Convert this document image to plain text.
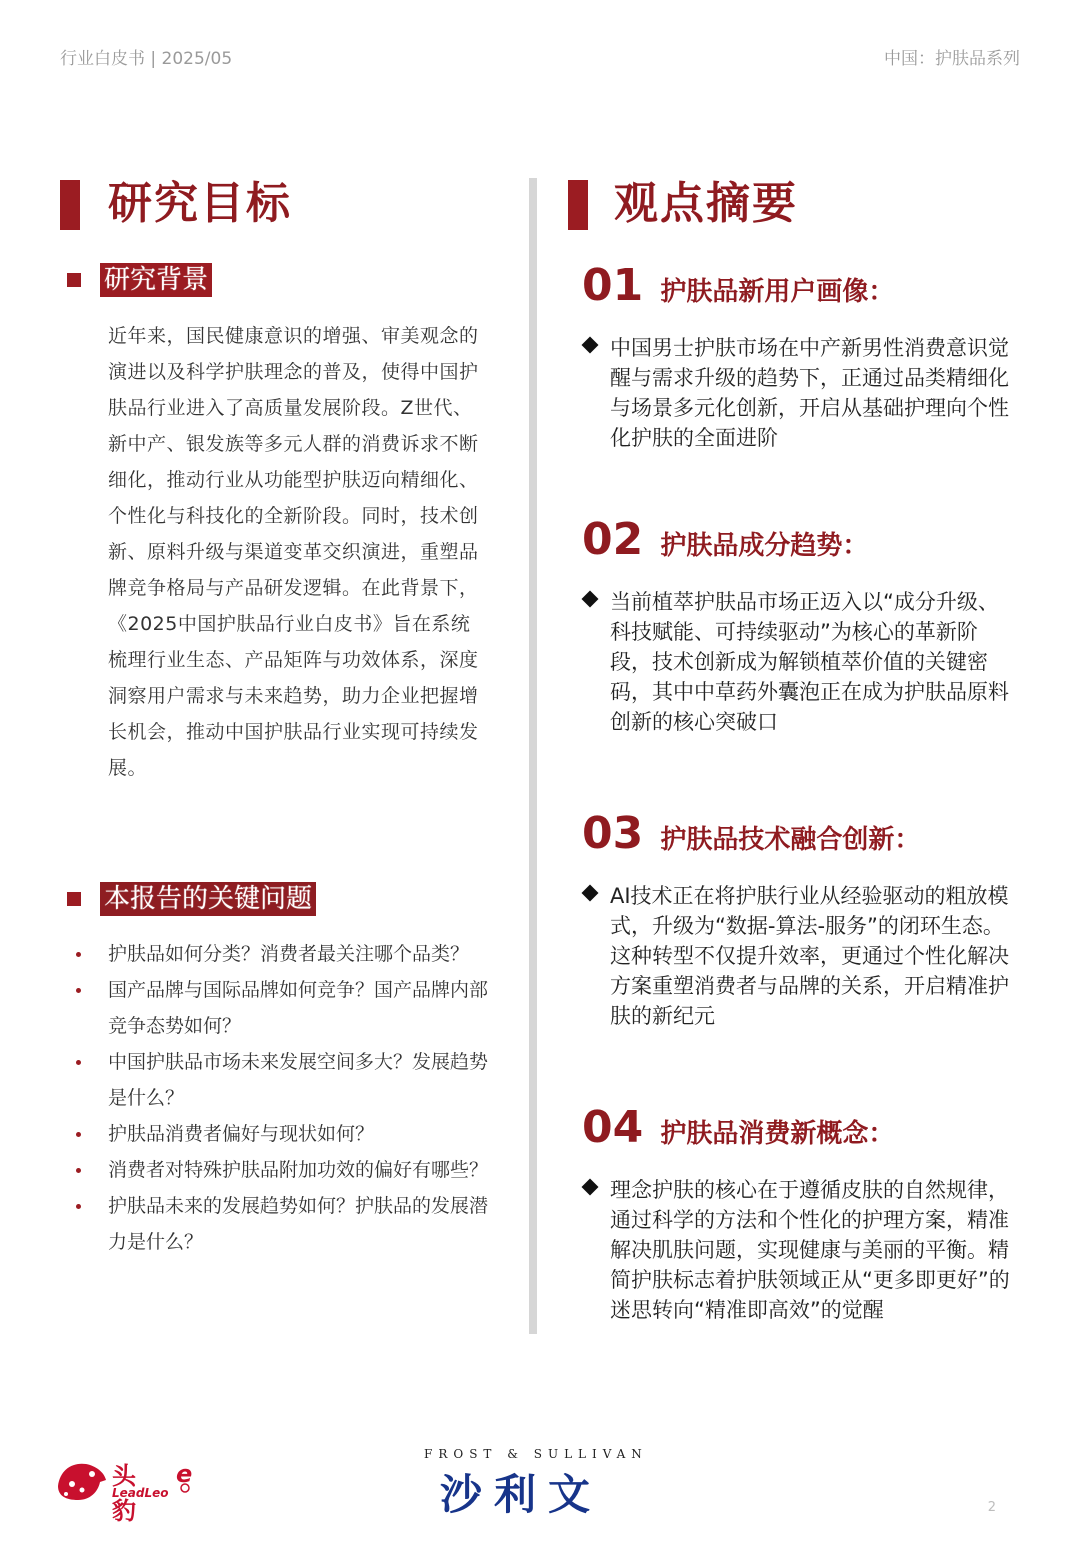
行业白皮书 | 2025/05	中国：护肤品系列
研究目标
研究背景
近年来，国民健康意识的增强、审美观念的演进以及科学护肤理念的普及，使得中国护肤品行业进入了高质量发展阶段。Z世代、新中产、银发族等多元人群的消费诉求不断细化，推动行业从功能型护肤迈向精细化、个性化与科技化的全新阶段。同时，技术创新、原料升级与渠道变革交织演进，重塑品牌竞争格局与产品研发逻辑。在此背景下，《2025中国护肤品行业白皮书》旨在系统梳理行业生态、产品矩阵与功效体系，深度洞察用户需求与未来趋势，助力企业把握增长机会，推动中国护肤品行业实现可持续发展。
本报告的关键问题
护肤品如何分类？消费者最关注哪个品类？
国产品牌与国际品牌如何竞争？国产品牌内部竞争态势如何？
中国护肤品市场未来发展空间多大？发展趋势是什么？
护肤品消费者偏好与现状如何？
消费者对特殊护肤品附加功效的偏好有哪些？
护肤品未来的发展趋势如何？护肤品的发展潜力是什么？
观点摘要
01 护肤品新用户画像：
中国男士护肤市场在中产新男性消费意识觉醒与需求升级的趋势下，正通过品类精细化与场景多元化创新，开启从基础护理向个性化护肤的全面进阶
02 护肤品成分趋势：
当前植萃护肤品市场正迈入以“成分升级、科技赋能、可持续驱动”为核心的革新阶段，技术创新成为解锁植萃价值的关键密码，其中中草药外囊泡正在成为护肤品原料创新的核心突破口
03 护肤品技术融合创新：
AI技术正在将护肤行业从经验驱动的粗放模式，升级为“数据-算法-服务”的闭环生态。这种转型不仅提升效率，更通过个性化解决方案重塑消费者与品牌的关系，开启精准护肤的新纪元
04 护肤品消费新概念：
理念护肤的核心在于遵循皮肤的自然规律，通过科学的方法和个性化的护理方案，精准解决肌肤问题，实现健康与美丽的平衡。精简护肤标志着护肤领域正从“更多即更好”的迷思转向“精准即高效”的觉醒
头豹
LeadLeo
e
FROST & SULLIVAN
沙利文	2
